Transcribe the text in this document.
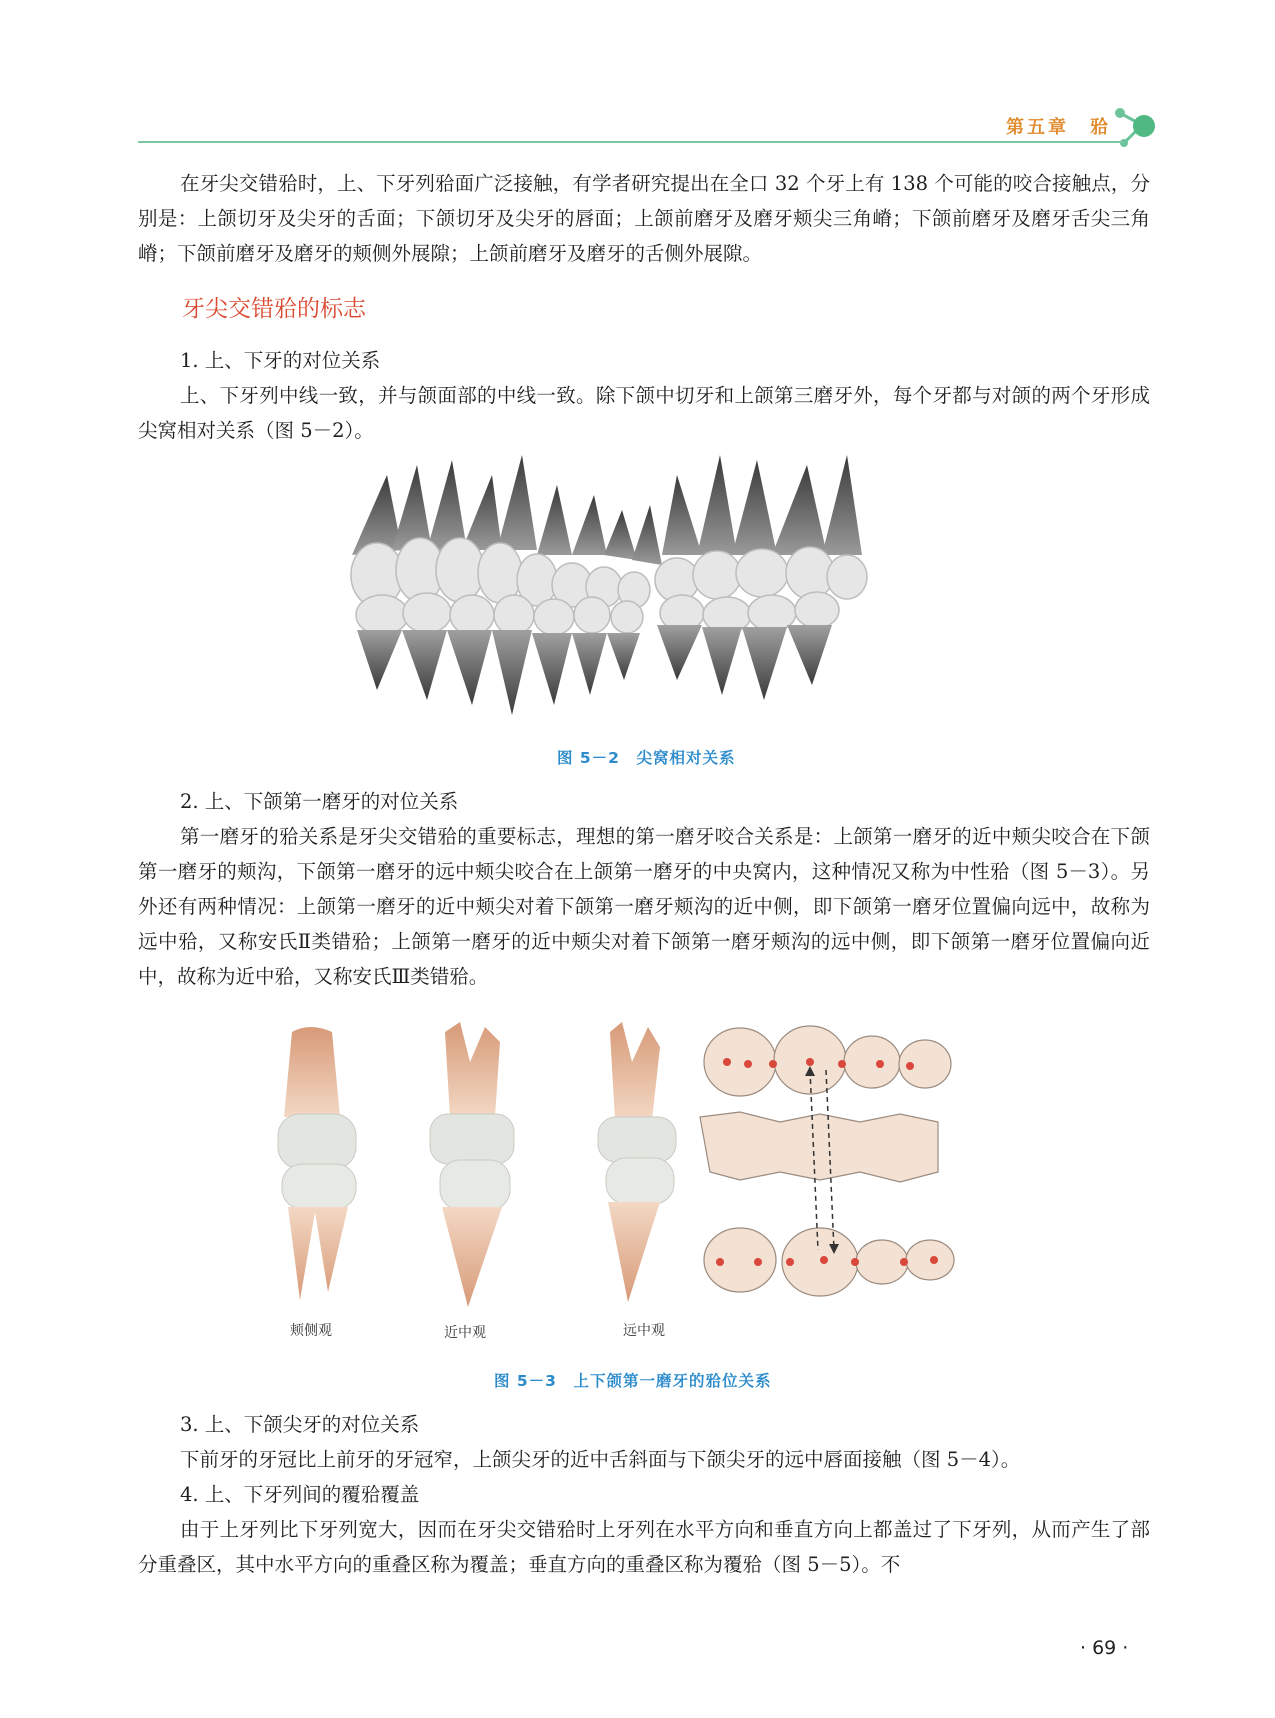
第五章　𬌗

在牙尖交错𬌗时，上、下牙列𬌗面广泛接触，有学者研究提出在全口 32 个牙上有 138 个可能的咬合接触点，分别是：上颌切牙及尖牙的舌面；下颌切牙及尖牙的唇面；上颌前磨牙及磨牙颊尖三角嵴；下颌前磨牙及磨牙舌尖三角嵴；下颌前磨牙及磨牙的颊侧外展隙；上颌前磨牙及磨牙的舌侧外展隙。

牙尖交错𬌗的标志

1. 上、下牙的对位关系

上、下牙列中线一致，并与颌面部的中线一致。除下颌中切牙和上颌第三磨牙外，每个牙都与对颌的两个牙形成尖窝相对关系（图 5－2）。

图 5－2　尖窝相对关系

2. 上、下颌第一磨牙的对位关系

第一磨牙的𬌗关系是牙尖交错𬌗的重要标志，理想的第一磨牙咬合关系是：上颌第一磨牙的近中颊尖咬合在下颌第一磨牙的颊沟，下颌第一磨牙的远中颊尖咬合在上颌第一磨牙的中央窝内，这种情况又称为中性𬌗（图 5－3）。另外还有两种情况：上颌第一磨牙的近中颊尖对着下颌第一磨牙颊沟的近中侧，即下颌第一磨牙位置偏向远中，故称为远中𬌗，又称安氏Ⅱ类错𬌗；上颌第一磨牙的近中颊尖对着下颌第一磨牙颊沟的远中侧，即下颌第一磨牙位置偏向近中，故称为近中𬌗，又称安氏Ⅲ类错𬌗。

颊侧观	近中观	远中观
图 5－3　上下颌第一磨牙的𬌗位关系

3. 上、下颌尖牙的对位关系

下前牙的牙冠比上前牙的牙冠窄，上颌尖牙的近中舌斜面与下颌尖牙的远中唇面接触（图 5－4）。

4. 上、下牙列间的覆𬌗覆盖

由于上牙列比下牙列宽大，因而在牙尖交错𬌗时上牙列在水平方向和垂直方向上都盖过了下牙列，从而产生了部分重叠区，其中水平方向的重叠区称为覆盖；垂直方向的重叠区称为覆𬌗（图 5－5）。不

· 69 ·
